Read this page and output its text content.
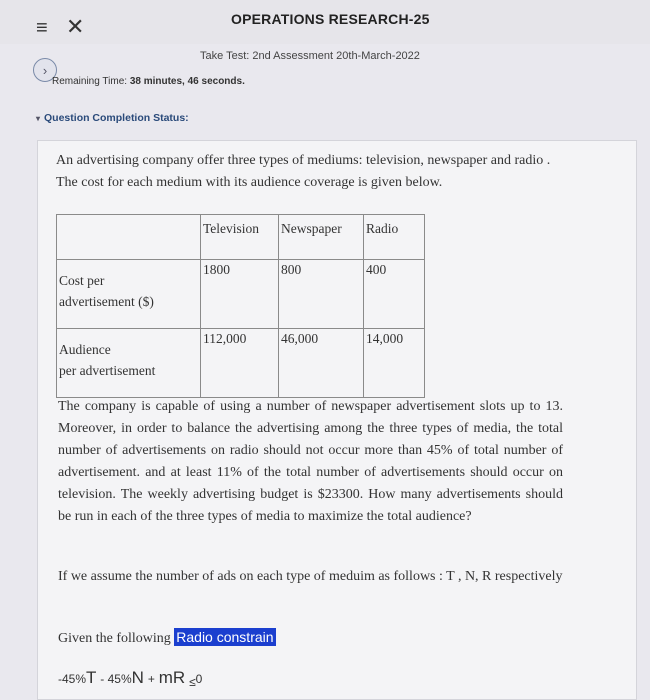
≡ ✕	OPERATIONS RESEARCH-25
›
Take Test: 2nd Assessment 20th-March-2022
Remaining Time: 38 minutes, 46 seconds.
▾ Question Completion Status:
An advertising company offer three types of mediums: television, newspaper and radio . The cost for each medium with its audience coverage is given below.
	Television	Newspaper	Radio

Cost per
advertisement ($)	1800	800	400

Audience
per advertisement	112,000	46,000	14,000
The company is capable of using a number of newspaper advertisement slots up to 13. Moreover, in order to balance the advertising among the three types of media, the total number of advertisements on radio should not occur more than 45% of total number of advertisement. and at least 11% of the total number of advertisements should occur on television. The weekly advertising budget is $23300. How many advertisements should be run in each of the three types of media to maximize the total audience?
If we assume the number of ads on each type of meduim as follows : T , N, R respectively
Given the following Radio constrain
-45%T - 45%N + mR ≤0
